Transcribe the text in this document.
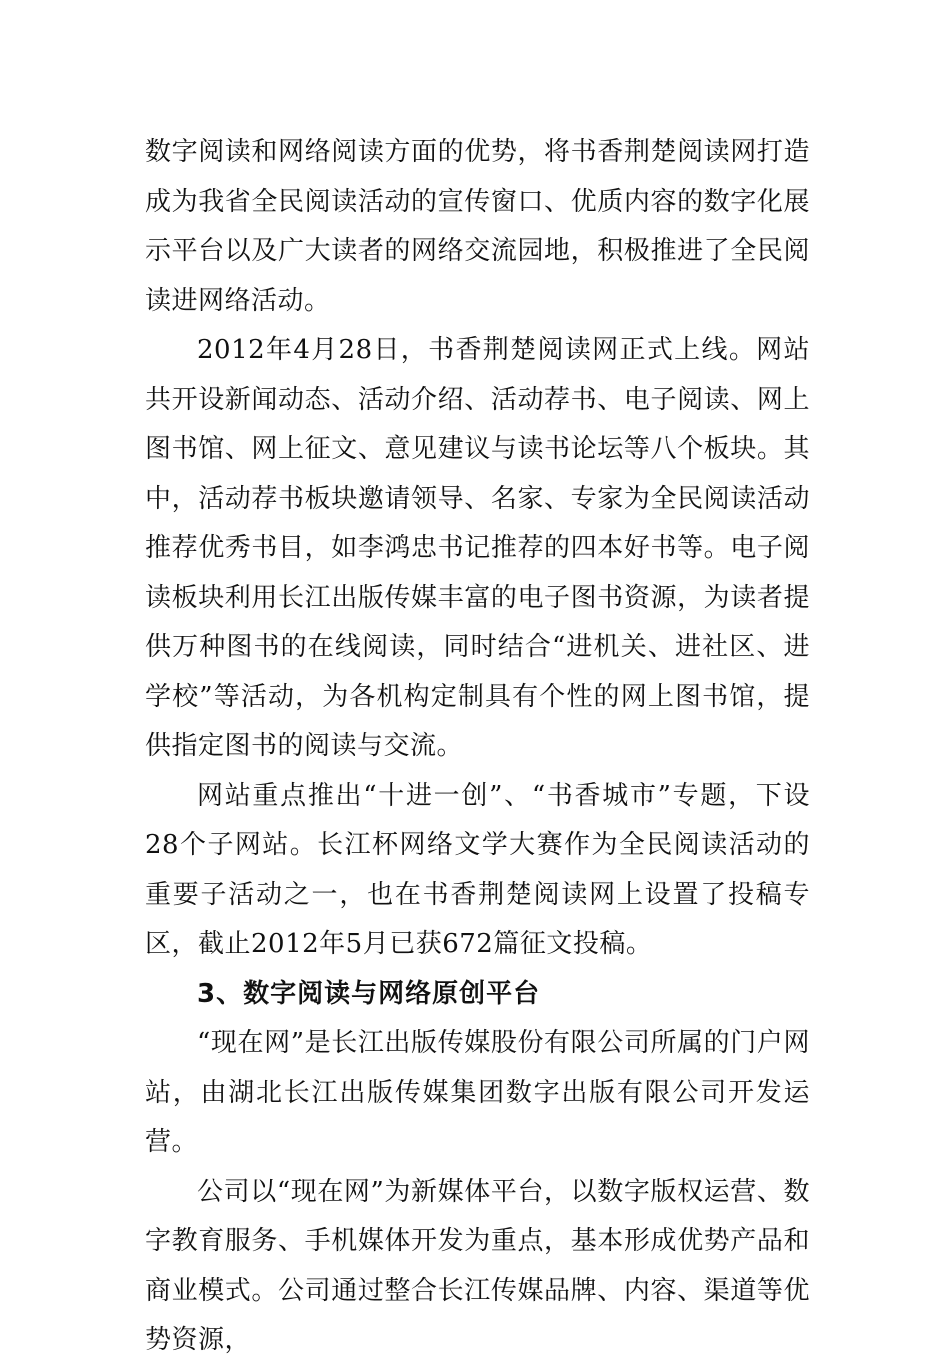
数字阅读和网络阅读方面的优势，将书香荆楚阅读网打造成为我省全民阅读活动的宣传窗口、优质内容的数字化展示平台以及广大读者的网络交流园地，积极推进了全民阅读进网络活动。

2012年4月28日，书香荆楚阅读网正式上线。网站共开设新闻动态、活动介绍、活动荐书、电子阅读、网上图书馆、网上征文、意见建议与读书论坛等八个板块。其中，活动荐书板块邀请领导、名家、专家为全民阅读活动推荐优秀书目，如李鸿忠书记推荐的四本好书等。电子阅读板块利用长江出版传媒丰富的电子图书资源，为读者提供万种图书的在线阅读，同时结合“进机关、进社区、进学校”等活动，为各机构定制具有个性的网上图书馆，提供指定图书的阅读与交流。

网站重点推出“十进一创”、“书香城市”专题，下设28个子网站。长江杯网络文学大赛作为全民阅读活动的重要子活动之一，也在书香荆楚阅读网上设置了投稿专区，截止2012年5月已获672篇征文投稿。

3、数字阅读与网络原创平台

“现在网”是长江出版传媒股份有限公司所属的门户网站，由湖北长江出版传媒集团数字出版有限公司开发运营。

公司以“现在网”为新媒体平台，以数字版权运营、数字教育服务、手机媒体开发为重点，基本形成优势产品和商业模式。公司通过整合长江传媒品牌、内容、渠道等优势资源，
